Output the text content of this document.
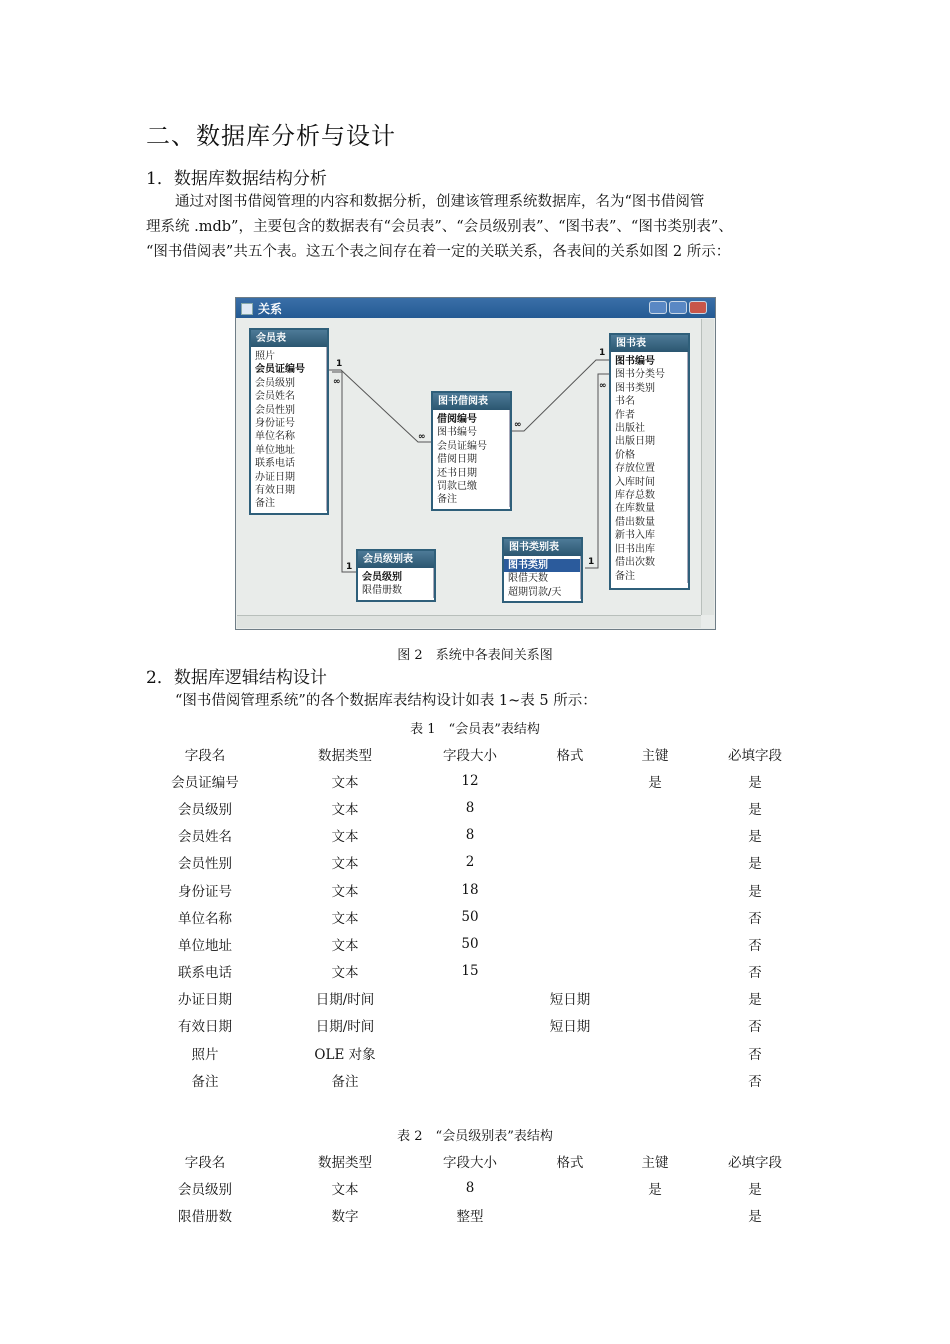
二、数据库分析与设计
1．数据库数据结构分析
通过对图书借阅管理的内容和数据分析，创建该管理系统数据库，名为“图书借阅管
理系统 .mdb”，主要包含的数据表有“会员表”、“会员级别表”、“图书表”、“图书类别表”、
“图书借阅表”共五个表。这五个表之间存在着一定的关联关系，各表间的关系如图 2 所示：
关系
1
∞
∞
1
∞
1
∞
1
会员表
照片
会员证编号
会员级别
会员姓名
会员性别
身份证号
单位名称
单位地址
联系电话
办证日期
有效日期
备注
图书借阅表
借阅编号
图书编号
会员证编号
借阅日期
还书日期
罚款已缴
备注
图书表
图书编号
图书分类号
图书类别
书名
作者
出版社
出版日期
价格
存放位置
入库时间
库存总数
在库数量
借出数量
新书入库
旧书出库
借出次数
备注
会员级别表
会员级别
限借册数
图书类别表
图书类别
限借天数
超期罚款/天
图 2　系统中各表间关系图
2．数据库逻辑结构设计
“图书借阅管理系统”的各个数据库表结构设计如表 1~表 5 所示：
表 1　“会员表”表结构
字段名	数据类型	字段大小	格式	主键	必填字段
会员证编号	文本	12		是	是
会员级别	文本	8			是
会员姓名	文本	8			是
会员性别	文本	2			是
身份证号	文本	18			是
单位名称	文本	50			否
单位地址	文本	50			否
联系电话	文本	15			否
办证日期	日期/时间		短日期		是
有效日期	日期/时间		短日期		否
照片	OLE 对象				否
备注	备注				否
表 2　“会员级别表”表结构
字段名	数据类型	字段大小	格式	主键	必填字段
会员级别	文本	8		是	是
限借册数	数字	整型			是
